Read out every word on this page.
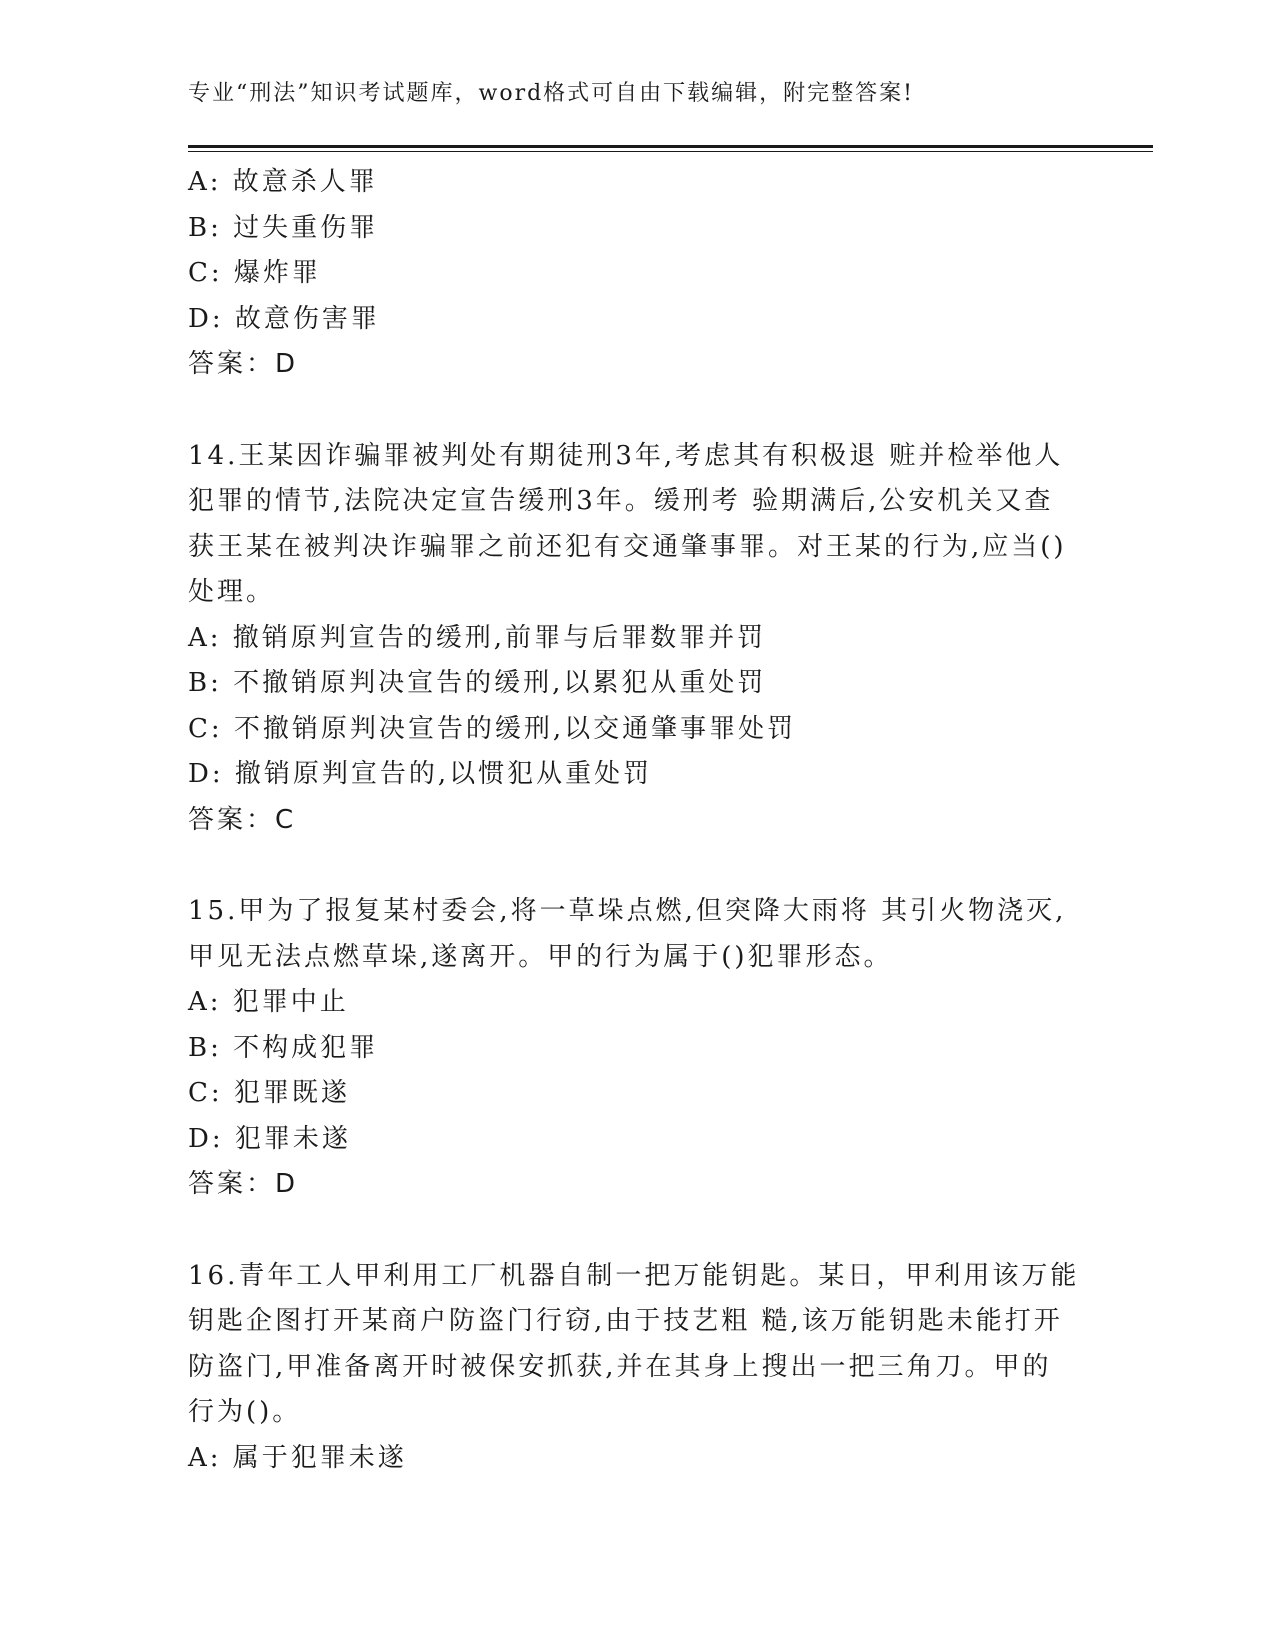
专业“刑法”知识考试题库，word格式可自由下载编辑，附完整答案!
A: 故意杀人罪
B: 过失重伤罪
C: 爆炸罪
D: 故意伤害罪
答案：D
14.王某因诈骗罪被判处有期徒刑3年,考虑其有积极退 赃并检举他人
犯罪的情节,法院决定宣告缓刑3年。缓刑考 验期满后,公安机关又查
获王某在被判决诈骗罪之前还犯有交通肇事罪。对王某的行为,应当()
处理。
A: 撤销原判宣告的缓刑,前罪与后罪数罪并罚
B: 不撤销原判决宣告的缓刑,以累犯从重处罚
C: 不撤销原判决宣告的缓刑,以交通肇事罪处罚
D: 撤销原判宣告的,以惯犯从重处罚
答案：C
15.甲为了报复某村委会,将一草垛点燃,但突降大雨将 其引火物浇灭,
甲见无法点燃草垛,遂离开。甲的行为属于()犯罪形态。
A: 犯罪中止
B: 不构成犯罪
C: 犯罪既遂
D: 犯罪未遂
答案：D
16.青年工人甲利用工厂机器自制一把万能钥匙。某日，甲利用该万能
钥匙企图打开某商户防盗门行窃,由于技艺粗 糙,该万能钥匙未能打开
防盗门,甲准备离开时被保安抓获,并在其身上搜出一把三角刀。甲的
行为()。
A: 属于犯罪未遂
